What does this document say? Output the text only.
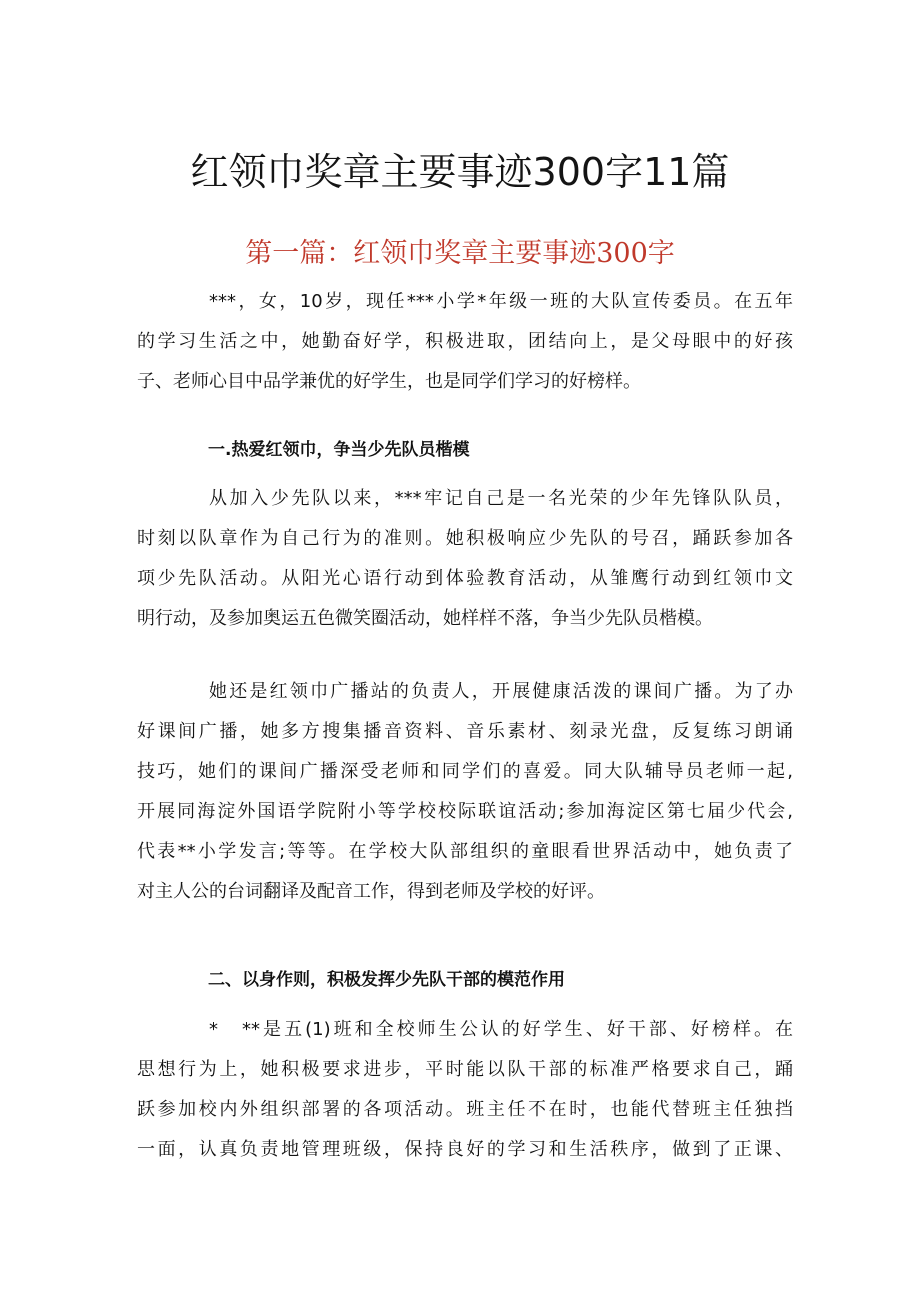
红领巾奖章主要事迹300字11篇
第一篇：红领巾奖章主要事迹300字
***，女，10岁，现任***小学*年级一班的大队宣传委员。在五年
的学习生活之中，她勤奋好学，积极进取，团结向上，是父母眼中的好孩
子、老师心目中品学兼优的好学生，也是同学们学习的好榜样。
一.热爱红领巾，争当少先队员楷模
从加入少先队以来，***牢记自己是一名光荣的少年先锋队队员，
时刻以队章作为自己行为的准则。她积极响应少先队的号召，踊跃参加各
项少先队活动。从阳光心语行动到体验教育活动，从雏鹰行动到红领巾文
明行动，及参加奥运五色微笑圈活动，她样样不落，争当少先队员楷模。
她还是红领巾广播站的负责人，开展健康活泼的课间广播。为了办
好课间广播，她多方搜集播音资料、音乐素材、刻录光盘，反复练习朗诵
技巧，她们的课间广播深受老师和同学们的喜爱。同大队辅导员老师一起,
开展同海淀外国语学院附小等学校校际联谊活动;参加海淀区第七届少代会,
代表**小学发言;等等。在学校大队部组织的童眼看世界活动中，她负责了
对主人公的台词翻译及配音工作，得到老师及学校的好评。
二、以身作则，积极发挥少先队干部的模范作用
*　**是五(1)班和全校师生公认的好学生、好干部、好榜样。在
思想行为上，她积极要求进步，平时能以队干部的标准严格要求自己，踊
跃参加校内外组织部署的各项活动。班主任不在时，也能代替班主任独挡
一面，认真负责地管理班级，保持良好的学习和生活秩序，做到了正课、
